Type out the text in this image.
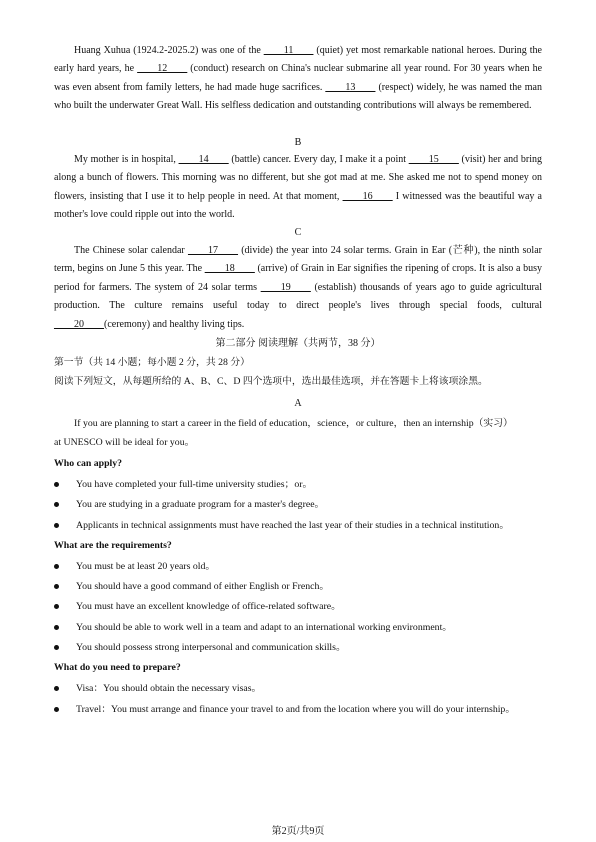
Huang Xuhua (1924.2-2025.2) was one of the ____11____ (quiet) yet most remarkable national heroes. During the early hard years, he ____12____ (conduct) research on China's nuclear submarine all year round. For 30 years when he was even absent from family letters, he had made huge sacrifices. ____13____ (respect) widely, he was named the man who built the underwater Great Wall. His selfless dedication and outstanding contributions will always be remembered.

B

My mother is in hospital, ____14____ (battle) cancer. Every day, I make it a point ____15____ (visit) her and bring along a bunch of flowers. This morning was no different, but she got mad at me. She asked me not to spend money on flowers, insisting that I use it to help people in need. At that moment, ____16____ I witnessed was the beautiful way a mother's love could ripple out into the world.

C

The Chinese solar calendar ____17____ (divide) the year into 24 solar terms. Grain in Ear (芒种), the ninth solar term, begins on June 5 this year. The ____18____ (arrive) of Grain in Ear signifies the ripening of crops. It is also a busy period for farmers. The system of 24 solar terms ____19____ (establish) thousands of years ago to guide agricultural production. The culture remains useful today to direct people's lives through special foods, cultural ____20____(ceremony) and healthy living tips.

第二部分 阅读理解（共两节，38 分）
第一节（共 14 小题；每小题 2 分，共 28 分）
阅读下列短文，从每题所给的 A、B、C、D 四个选项中，选出最佳选项，并在答题卡上将该项涂黑。
A
If you are planning to start a career in the field of education，science，or culture，then an internship（实习）
at UNESCO will be ideal for you。
Who can apply?
You have completed your full-time university studies；or。
You are studying in a graduate program for a master's degree。
Applicants in technical assignments must have reached the last year of their studies in a technical institution。
What are the requirements?
You must be at least 20 years old。
You should have a good command of either English or French。
You must have an excellent knowledge of office-related software。
You should be able to work well in a team and adapt to an international working environment。
You should possess strong interpersonal and communication skills。
What do you need to prepare?
Visa：You should obtain the necessary visas。
Travel：You must arrange and finance your travel to and from the location where you will do your internship。
第2页/共9页
